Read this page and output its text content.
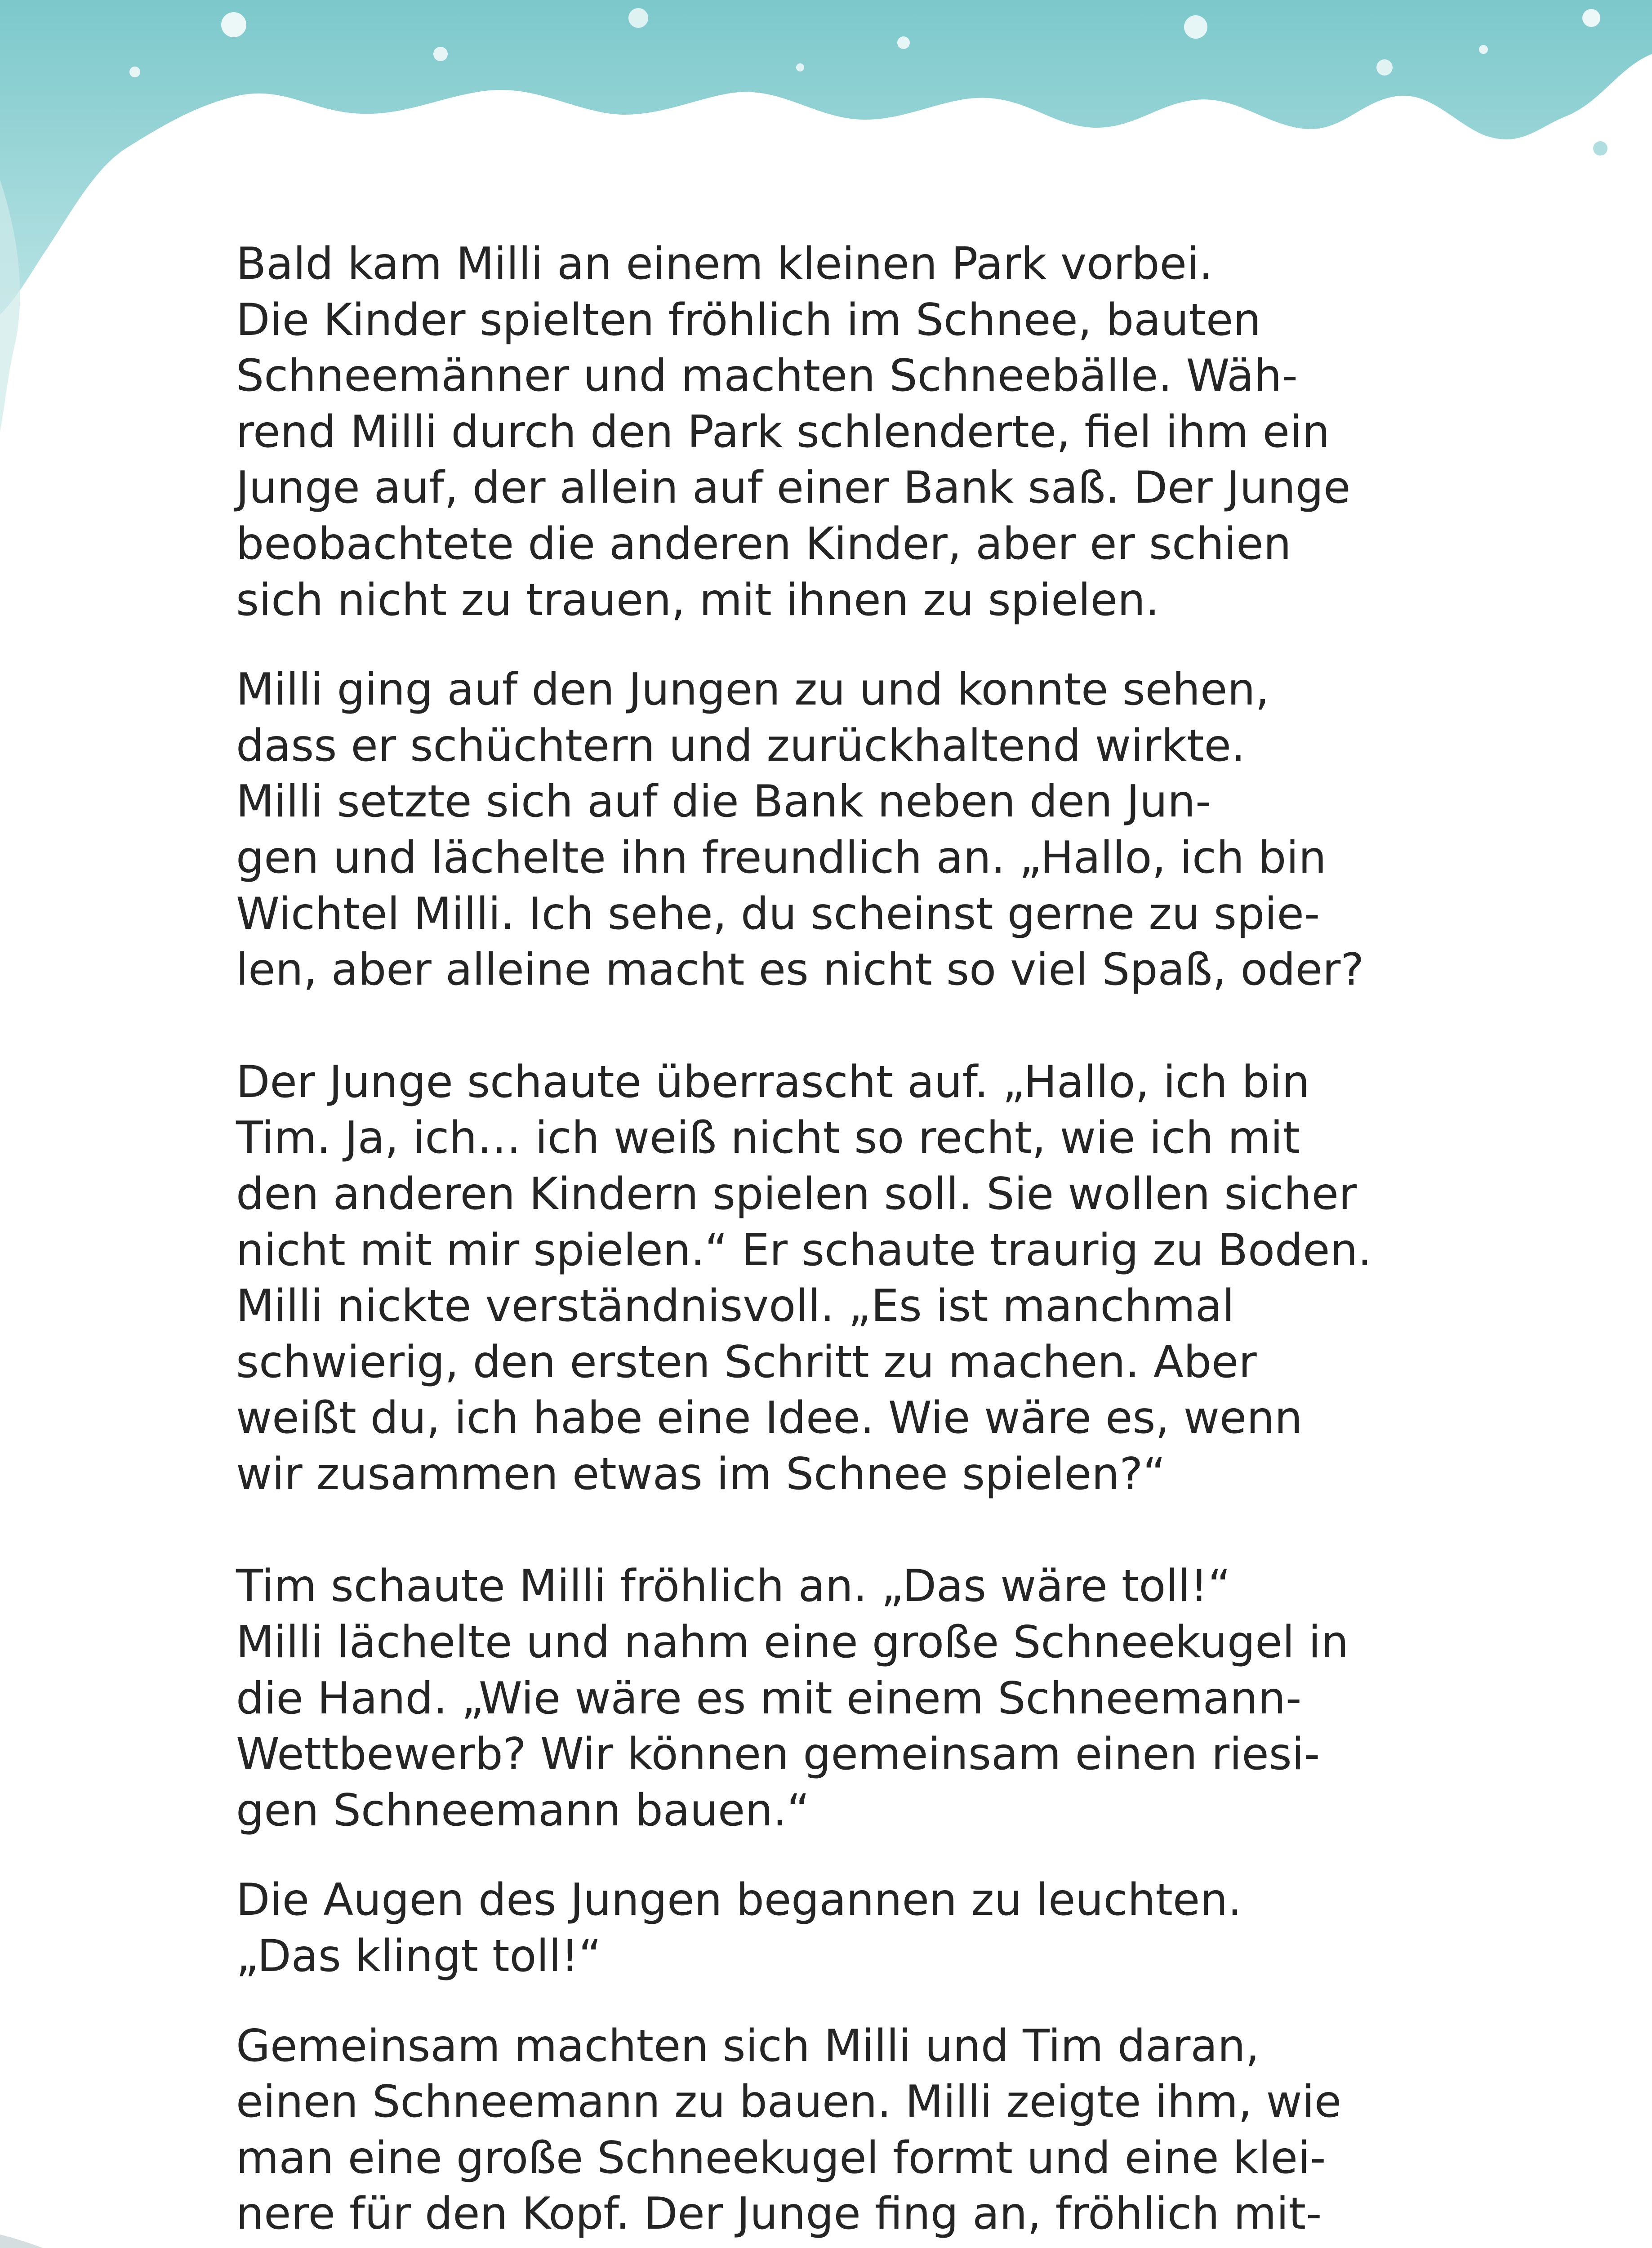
Bald kam Milli an einem kleinen Park vorbei.
Die Kinder spielten fröhlich im Schnee, bauten
Schneemänner und machten Schneebälle. Wäh-
rend Milli durch den Park schlenderte, fiel ihm ein
Junge auf, der allein auf einer Bank saß. Der Junge
beobachtete die anderen Kinder, aber er schien
sich nicht zu trauen, mit ihnen zu spielen.
Milli ging auf den Jungen zu und konnte sehen,
dass er schüchtern und zurückhaltend wirkte.
Milli setzte sich auf die Bank neben den Jun-
gen und lächelte ihn freundlich an. „Hallo, ich bin
Wichtel Milli. Ich sehe, du scheinst gerne zu spie-
len, aber alleine macht es nicht so viel Spaß, oder?
Der Junge schaute überrascht auf. „Hallo, ich bin
Tim. Ja, ich… ich weiß nicht so recht, wie ich mit
den anderen Kindern spielen soll. Sie wollen sicher
nicht mit mir spielen.“ Er schaute traurig zu Boden.
Milli nickte verständnisvoll. „Es ist manchmal
schwierig, den ersten Schritt zu machen. Aber
weißt du, ich habe eine Idee. Wie wäre es, wenn
wir zusammen etwas im Schnee spielen?“
Tim schaute Milli fröhlich an. „Das wäre toll!“
Milli lächelte und nahm eine große Schneekugel in
die Hand. „Wie wäre es mit einem Schneemann-
Wettbewerb? Wir können gemeinsam einen riesi-
gen Schneemann bauen.“
Die Augen des Jungen begannen zu leuchten.
„Das klingt toll!“
Gemeinsam machten sich Milli und Tim daran,
einen Schneemann zu bauen. Milli zeigte ihm, wie
man eine große Schneekugel formt und eine klei-
nere für den Kopf. Der Junge fing an, fröhlich mit-
